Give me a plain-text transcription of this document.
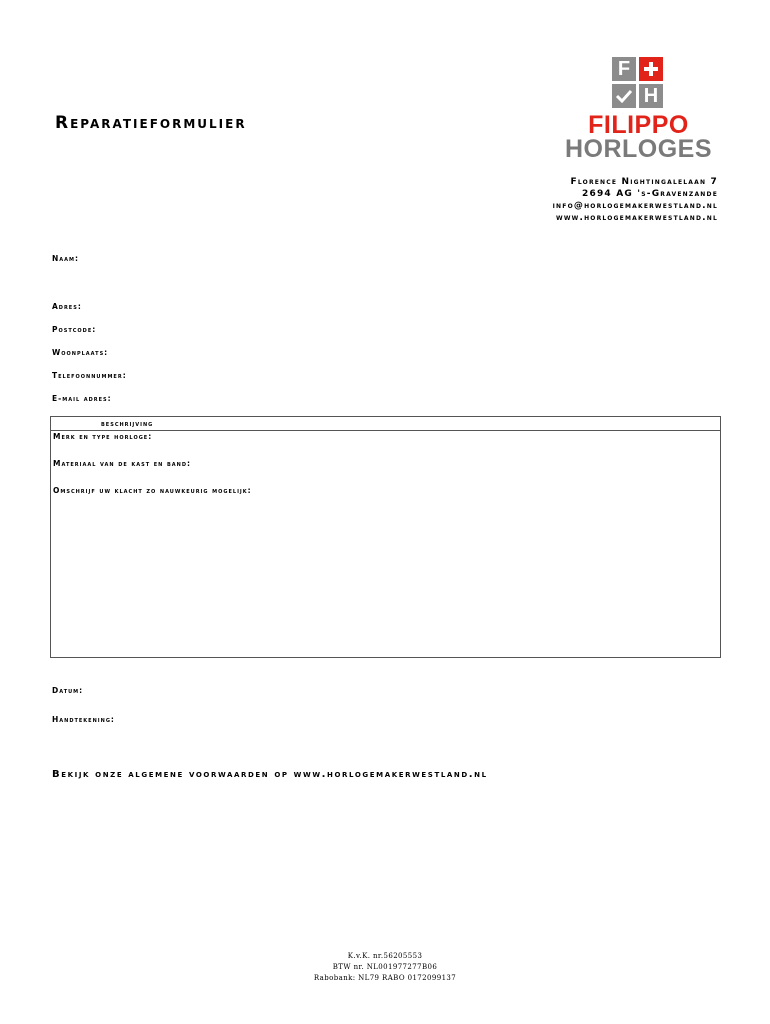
Reparatieformulier
F
H
FILIPPO
HORLOGES
Florence Nightingalelaan 7
2694 AG 's-Gravenzande
info@horlogemakerwestland.nl
www.horlogemakerwestland.nl
Naam:
Adres:
Postcode:
Woonplaats:
Telefoonnummer:
E-mail adres:
beschrijving
Merk en type horloge:
Materiaal van de kast en band:
Omschrijf uw klacht zo nauwkeurig mogelijk:
Datum:
Handtekening:
Bekijk onze algemene voorwaarden op www.horlogemakerwestland.nl
K.v.K. nr.56205553
BTW nr. NL001977277B06
Rabobank: NL79 RABO 0172099137
